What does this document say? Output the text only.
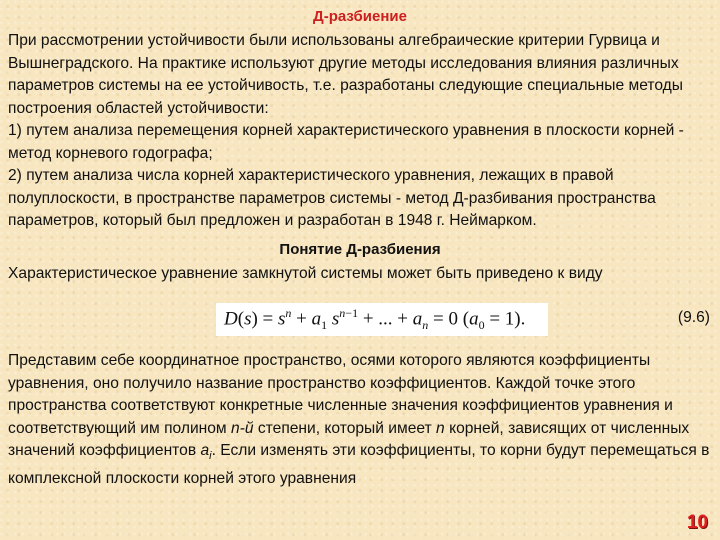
Д-разбиение

При рассмотрении устойчивости были использованы алгебраические критерии Гурвица и Вышнеградского. На практике используют другие методы исследования влияния различных параметров системы на ее устойчивость, т.е. разработаны следующие специальные методы построения областей устойчивости:

1) путем анализа перемещения корней характеристического уравнения в плоскости корней - метод корневого годографа;

2) путем анализа числа корней характеристического уравнения, лежащих в правой полуплоскости, в пространстве параметров системы - метод Д-разбивания пространства параметров, который был предложен и разработан в 1948 г. Неймарком.

Понятие Д-разбиения

Характеристическое уравнение замкнутой системы может быть приведено к виду

$D(s) = s^n + a_1$ $s^{n-1}$ + ... + $a_n = 0$ $(a_0 = 1)$.	(9.6)

Представим себе координатное пространство, осями которого являются коэффициенты уравнения, оно получило название пространство коэффициентов. Каждой точке этого пространства соответствуют конкретные численные значения коэффициентов уравнения и соответствующий им полином n-й степени, который имеет n корней, зависящих от численных значений коэффициентов $a_i$. Если изменять эти коэффициенты, то корни будут перемещаться в комплексной плоскости корней этого уравнения

10
